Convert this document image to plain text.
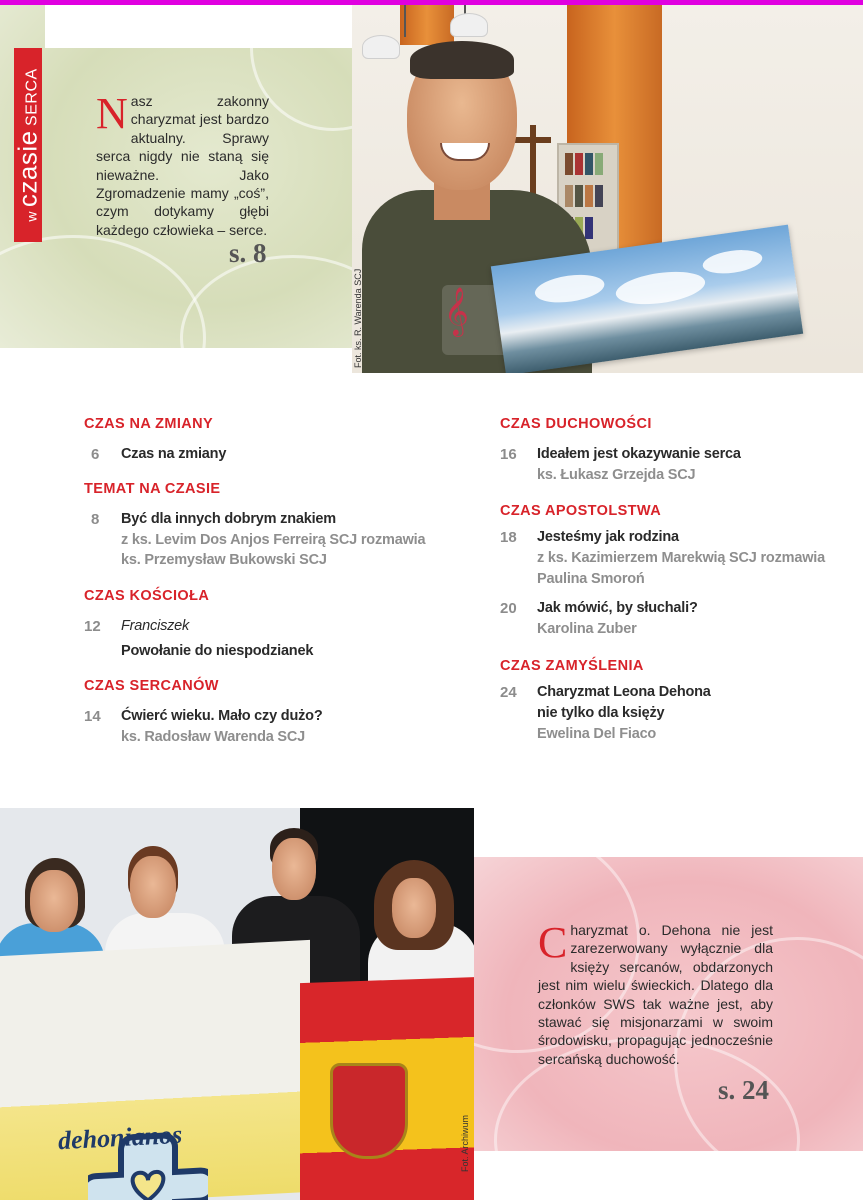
w czasie SERCA Nasz zakonny charyzmat jest bardzo aktualny. Sprawy serca nigdy nie staną się nieważne. Jako Zgromadzenie mamy „coś”, czym dotykamy głębi każdego człowieka – serce.
s. 8
𝄞
Fot. ks. R. Warenda SCJ
CZAS NA ZMIANY
6 Czas na zmiany
TEMAT NA CZASIE
8 Być dla innych dobrym znakiem
z ks. Levim Dos Anjos Ferreirą SCJ rozmawia
ks. Przemysław Bukowski SCJ
CZAS KOŚCIOŁA
12 Franciszek
Powołanie do niespodzianek
CZAS SERCANÓW
14 Ćwierć wieku. Mało czy dużo?
ks. Radosław Warenda SCJ
CZAS DUCHOWOŚCI
16 Ideałem jest okazywanie serca
ks. Łukasz Grzejda SCJ
CZAS APOSTOLSTWA
18 Jesteśmy jak rodzina
z ks. Kazimierzem Marekwią SCJ rozmawia
Paulina Smoroń
20 Jak mówić, by słuchali?
Karolina Zuber
CZAS ZAMYŚLENIA
24 Charyzmat Leona Dehona
nie tylko dla księży
Ewelina Del Fiaco
dehonianos	Fot. Archiwum
Charyzmat o. Dehona nie jest zarezerwowany wyłącznie dla księży sercanów, obdarzonych jest nim wielu świeckich. Dlatego dla członków SWS tak ważne jest, aby stawać się misjonarzami w swoim środowisku, propagując jednocześnie sercańską duchowość.
s. 24
